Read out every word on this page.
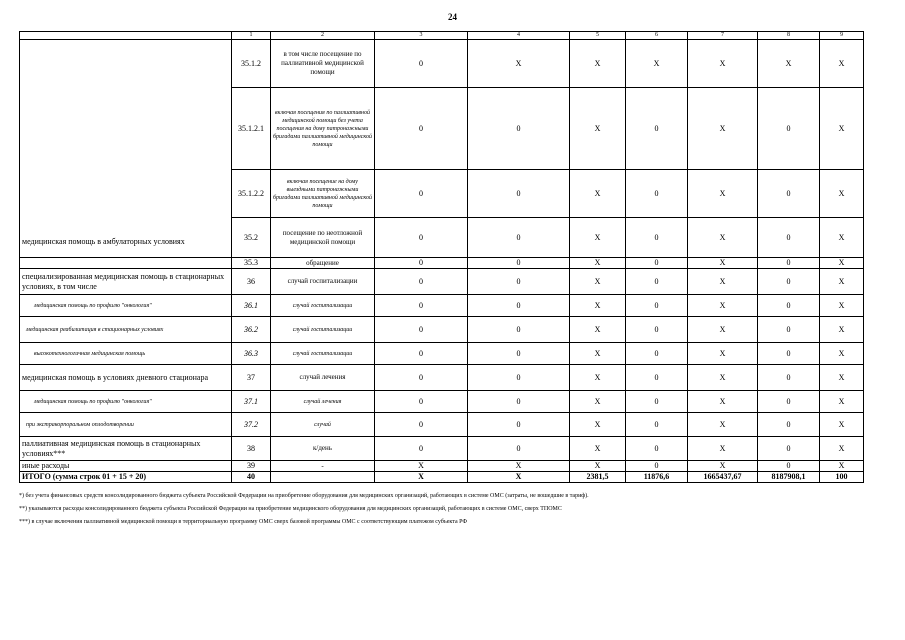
24
	1	2	3	4	5	6	7	8	9
медицинская помощь в амбулаторных условиях	35.1.2	в том числе посещение по паллиативной медицинской помощи	0	X	X	X	X	X	X
	35.1.2.1	включая посещения по паллиативной медицинской помощи без учета посещения на дому патронажными бригадами паллиативной медицинской помощи	0	0	X	0	X	0	X
	35.1.2.2	включая посещение на дому выездными патронажными бригадами паллиативной медицинской помощи	0	0	X	0	X	0	X
	35.2	посещение по неотложной медицинской помощи	0	0	X	0	X	0	X
	35.3	обращение	0	0	X	0	X	0	X
специализированная медицинская помощь в стационарных условиях, в том числе	36	случай госпитализации	0	0	X	0	X	0	X
медицинская помощь по профилю "онкология"	36.1	случай госпитализации	0	0	X	0	X	0	X
медицинская реабилитация в стационарных условиях	36.2	случай госпитализации	0	0	X	0	X	0	X
высокотехнологичная медицинская помощь	36.3	случай госпитализации	0	0	X	0	X	0	X
медицинская помощь в условиях дневного стационара	37	случай лечения	0	0	X	0	X	0	X
медицинская помощь по профилю "онкология"	37.1	случай лечения	0	0	X	0	X	0	X
при экстракорпоральном оплодотворении	37.2	случай	0	0	X	0	X	0	X
паллиативная медицинская помощь в стационарных условиях***	38	к/день	0	0	X	0	X	0	X
иные расходы	39	-	X	X	X	0	X	0	X
ИТОГО (сумма строк 01 + 15 + 20)	40		X	X	2381,5	11876,6	1665437,67	8187908,1	100
*) без учета финансовых средств консолидированного бюджета субъекта Российской Федерации на приобретение оборудования для медицинских организаций, работающих в системе ОМС (затраты, не вошедшие в тариф).
**) указываются расходы консолидированного бюджета субъекта Российской Федерации на приобретение медицинского оборудования для медицинских организаций, работающих в системе ОМС, сверх ТПОМС
***) в случае включения паллиативной медицинской помощи в территориальную программу ОМС сверх базовой программы ОМС с соответствующим платежом субъекта РФ
